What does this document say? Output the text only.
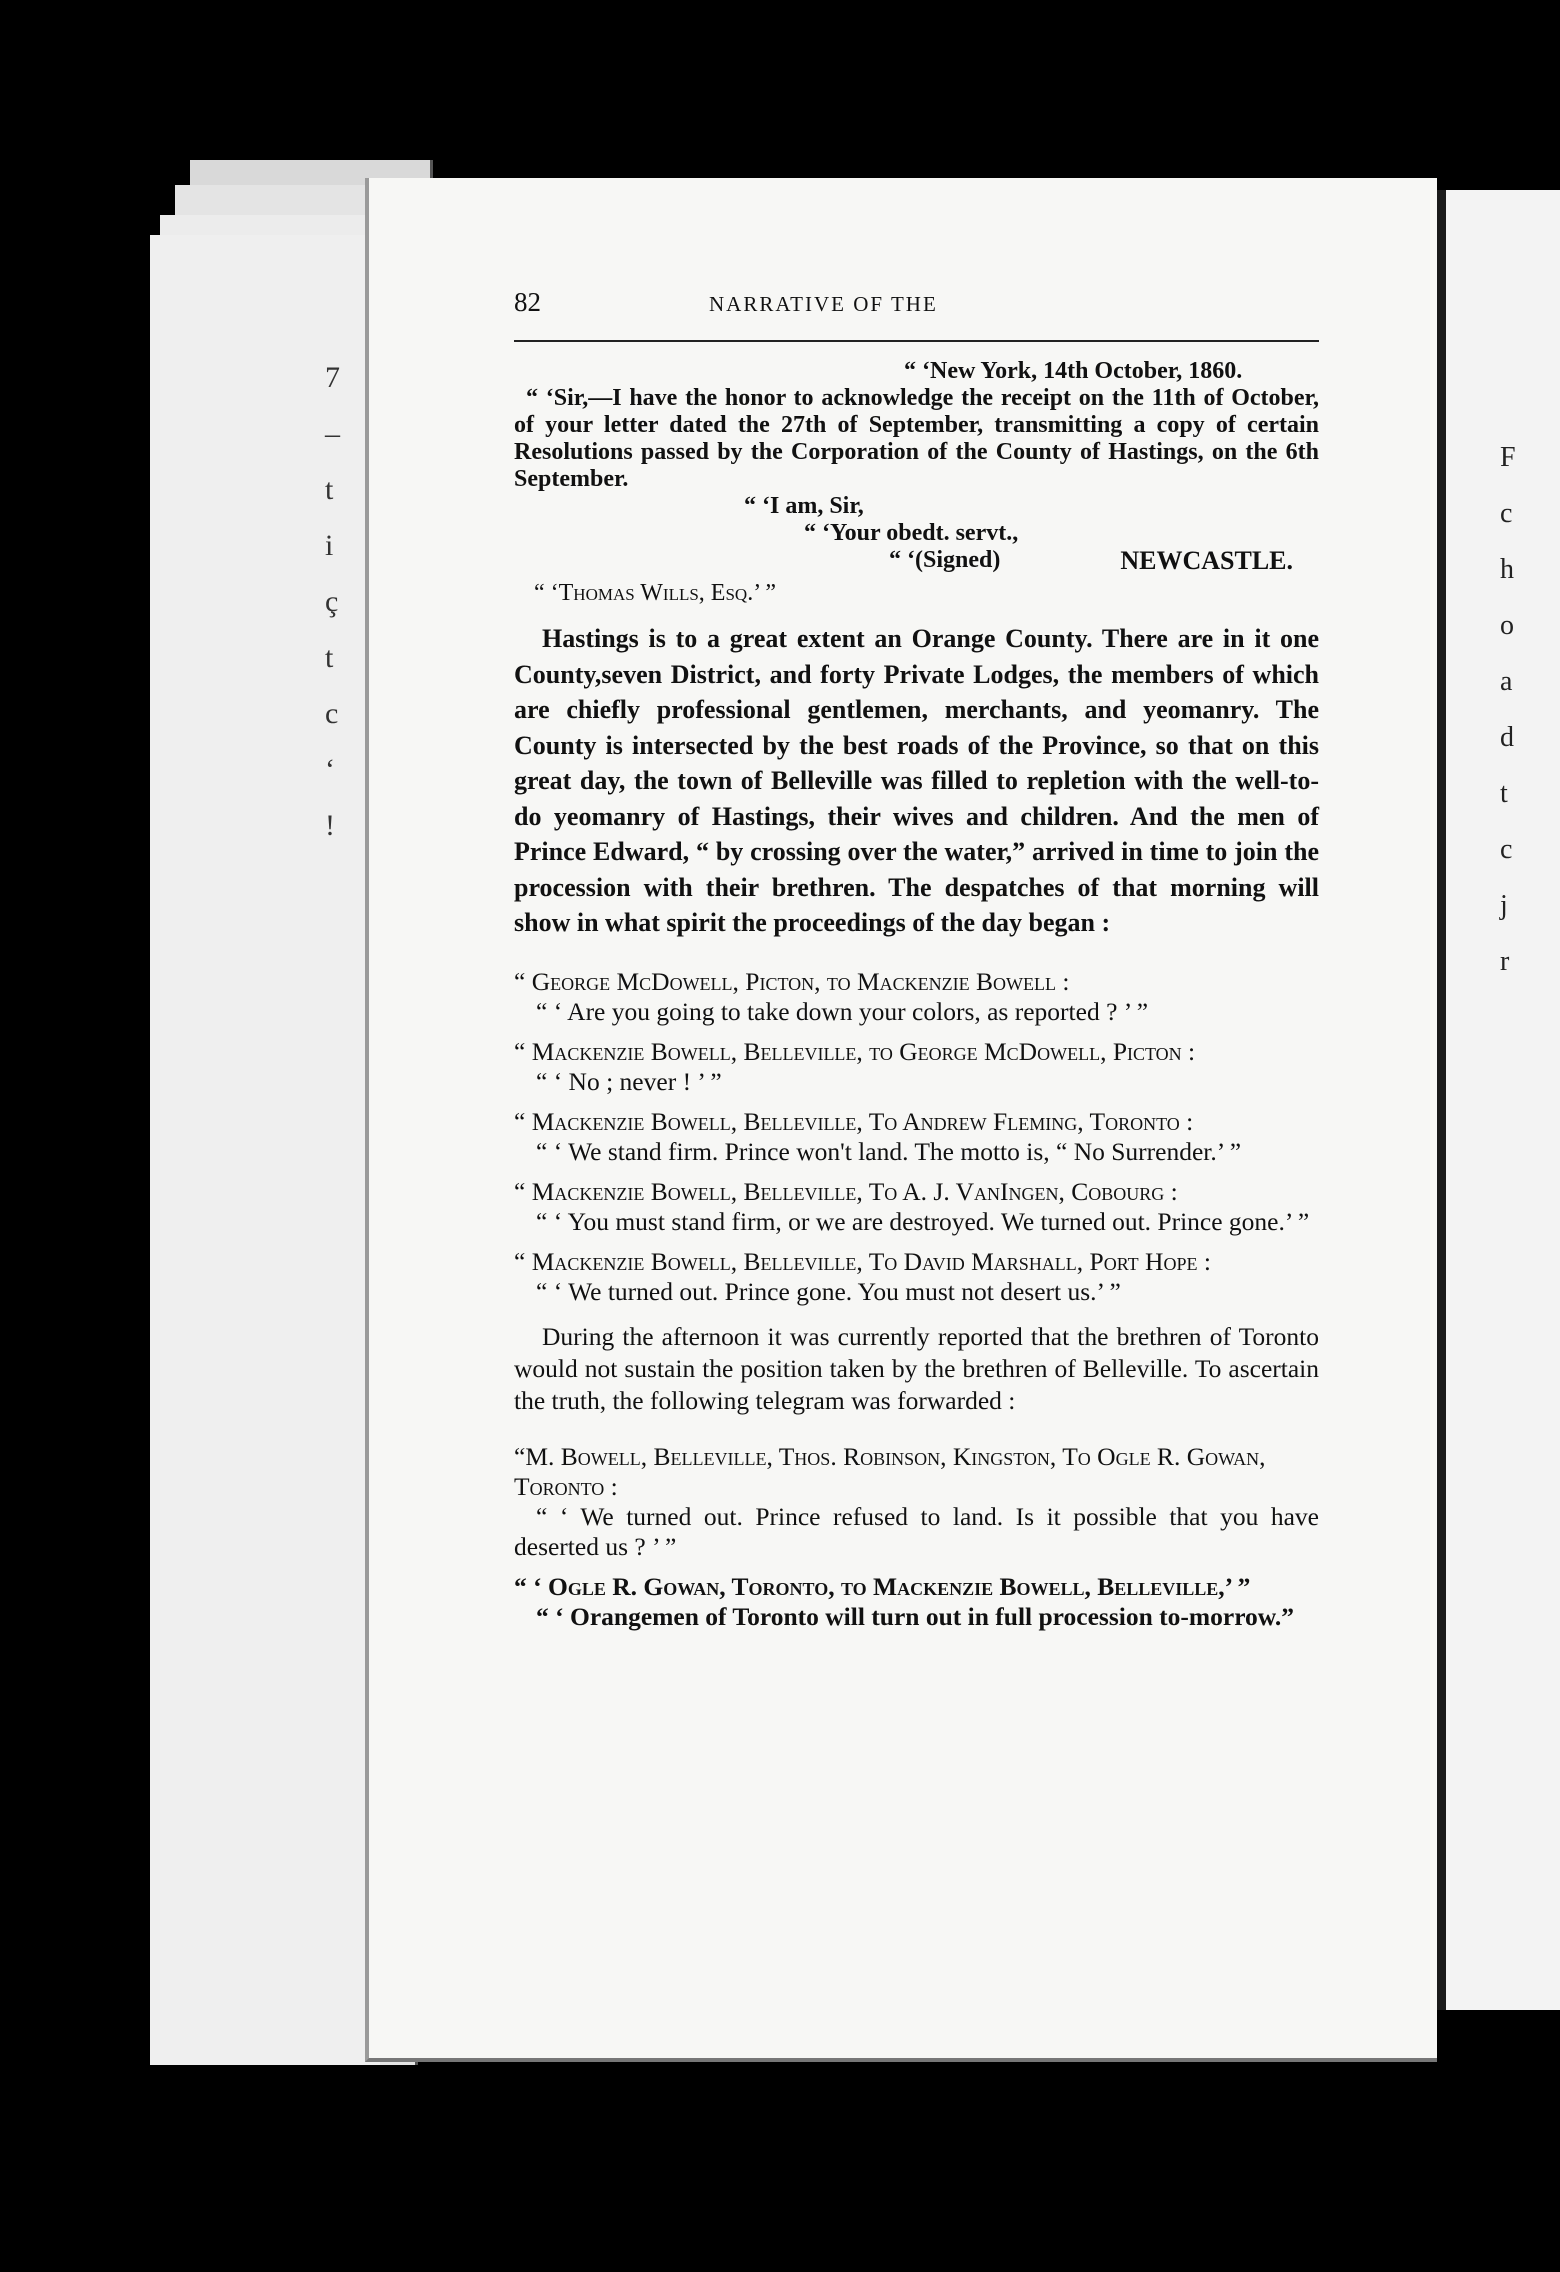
7
–
t
i
ç
t
c
‘
!
F
c
h
o
a
d
t
c
j
r
82	NARRATIVE OF THE
“ ‘New York, 14th October, 1860.
“ ‘Sir,—I have the honor to acknowledge the receipt on the 11th of October, of your letter dated the 27th of September, transmitting a copy of certain Resolutions passed by the Corporation of the County of Hastings, on the 6th September.
“ ‘I am, Sir,
“ ‘Your obedt. servt.,
“ ‘(Signed)	NEWCASTLE.
“ ‘Thomas Wills, Esq.’ ”

Hastings is to a great extent an Orange County. There are in it one County,seven District, and forty Private Lodges, the members of which are chiefly professional gentlemen, merchants, and yeomanry. The County is intersected by the best roads of the Province, so that on this great day, the town of Belleville was filled to repletion with the well-to-do yeomanry of Hastings, their wives and children. And the men of Prince Edward, “ by crossing over the water,” arrived in time to join the procession with their brethren. The despatches of that morning will show in what spirit the proceedings of the day began :

“ George McDowell, Picton, to Mackenzie Bowell :
“ ‘ Are you going to take down your colors, as reported ? ’ ”
“ Mackenzie Bowell, Belleville, to George McDowell, Picton :
“ ‘ No ; never ! ’ ”
“ Mackenzie Bowell, Belleville, To Andrew Fleming, Toronto :
“ ‘ We stand firm. Prince won't land. The motto is, “ No Surrender.’ ”
“ Mackenzie Bowell, Belleville, To A. J. VanIngen, Cobourg :
“ ‘ You must stand firm, or we are destroyed. We turned out. Prince gone.’ ”
“ Mackenzie Bowell, Belleville, To David Marshall, Port Hope :
“ ‘ We turned out. Prince gone. You must not desert us.’ ”

During the afternoon it was currently reported that the brethren of Toronto would not sustain the position taken by the brethren of Belleville. To ascertain the truth, the following telegram was forwarded :

“M. Bowell, Belleville, Thos. Robinson, Kingston, To Ogle R. Gowan, Toronto :
“ ‘ We turned out. Prince refused to land. Is it possible that you have deserted us ? ’ ”
“ ‘ Ogle R. Gowan, Toronto, to Mackenzie Bowell, Belleville,’ ”
“ ‘ Orangemen of Toronto will turn out in full procession to-morrow.”
